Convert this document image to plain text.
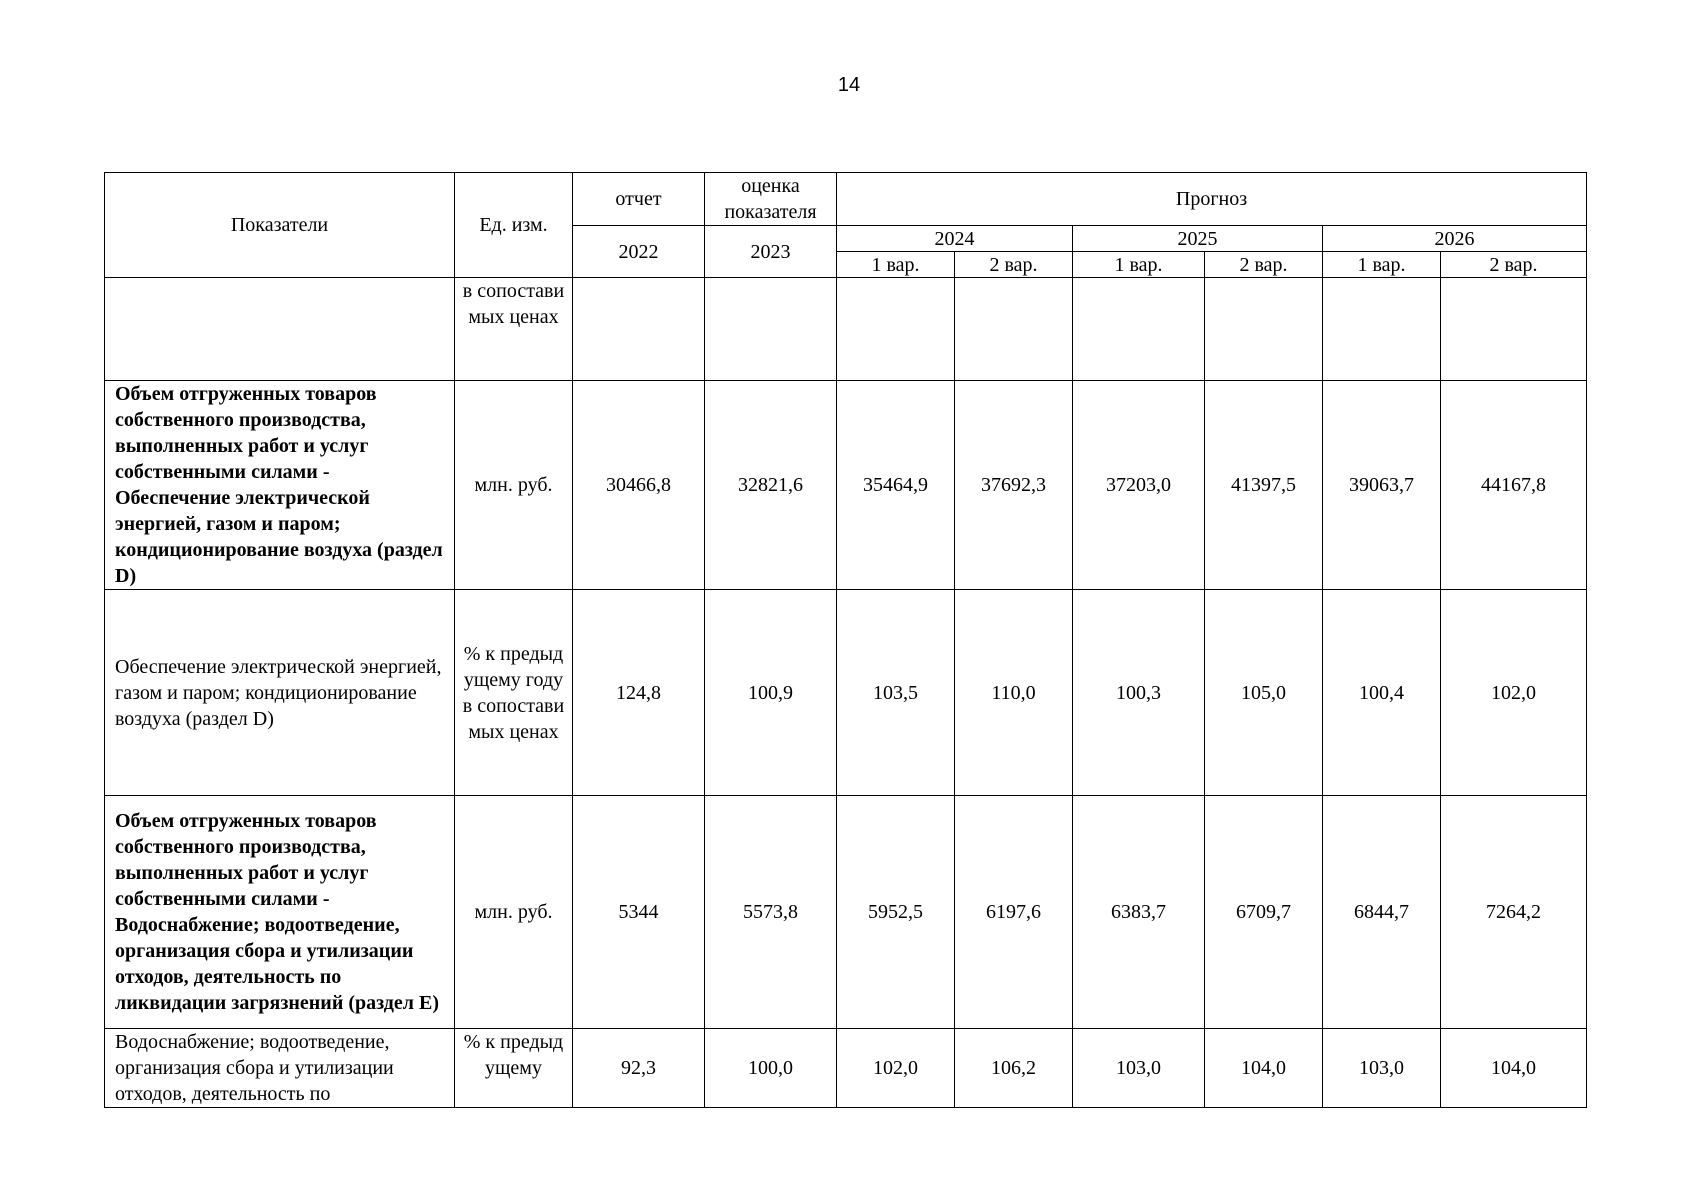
14
Показатели	Ед. изм.	отчет	оценка показателя	Прогноз					
		2022	2023	2024		2025		2026	
				1 вар.	2 вар.	1 вар.	2 вар.	1 вар.	2 вар.
	в сопоставимых ценах								
Объем отгруженных товаров собственного производства, выполненных работ и услуг собственными силами - Обеспечение электрической энергией, газом и паром; кондиционирование воздуха (раздел D)	млн. руб.	30466,8	32821,6	35464,9	37692,3	37203,0	41397,5	39063,7	44167,8
Обеспечение электрической энергией, газом и паром; кондиционирование воздуха (раздел D)	% к предыдущему году в сопоставимых ценах	124,8	100,9	103,5	110,0	100,3	105,0	100,4	102,0
Объем отгруженных товаров собственного производства, выполненных работ и услуг собственными силами - Водоснабжение; водоотведение, организация сбора и утилизации отходов, деятельность по ликвидации загрязнений (раздел E)	млн. руб.	5344	5573,8	5952,5	6197,6	6383,7	6709,7	6844,7	7264,2
Водоснабжение; водоотведение, организация сбора и утилизации отходов, деятельность по	% к предыдущему	92,3	100,0	102,0	106,2	103,0	104,0	103,0	104,0
